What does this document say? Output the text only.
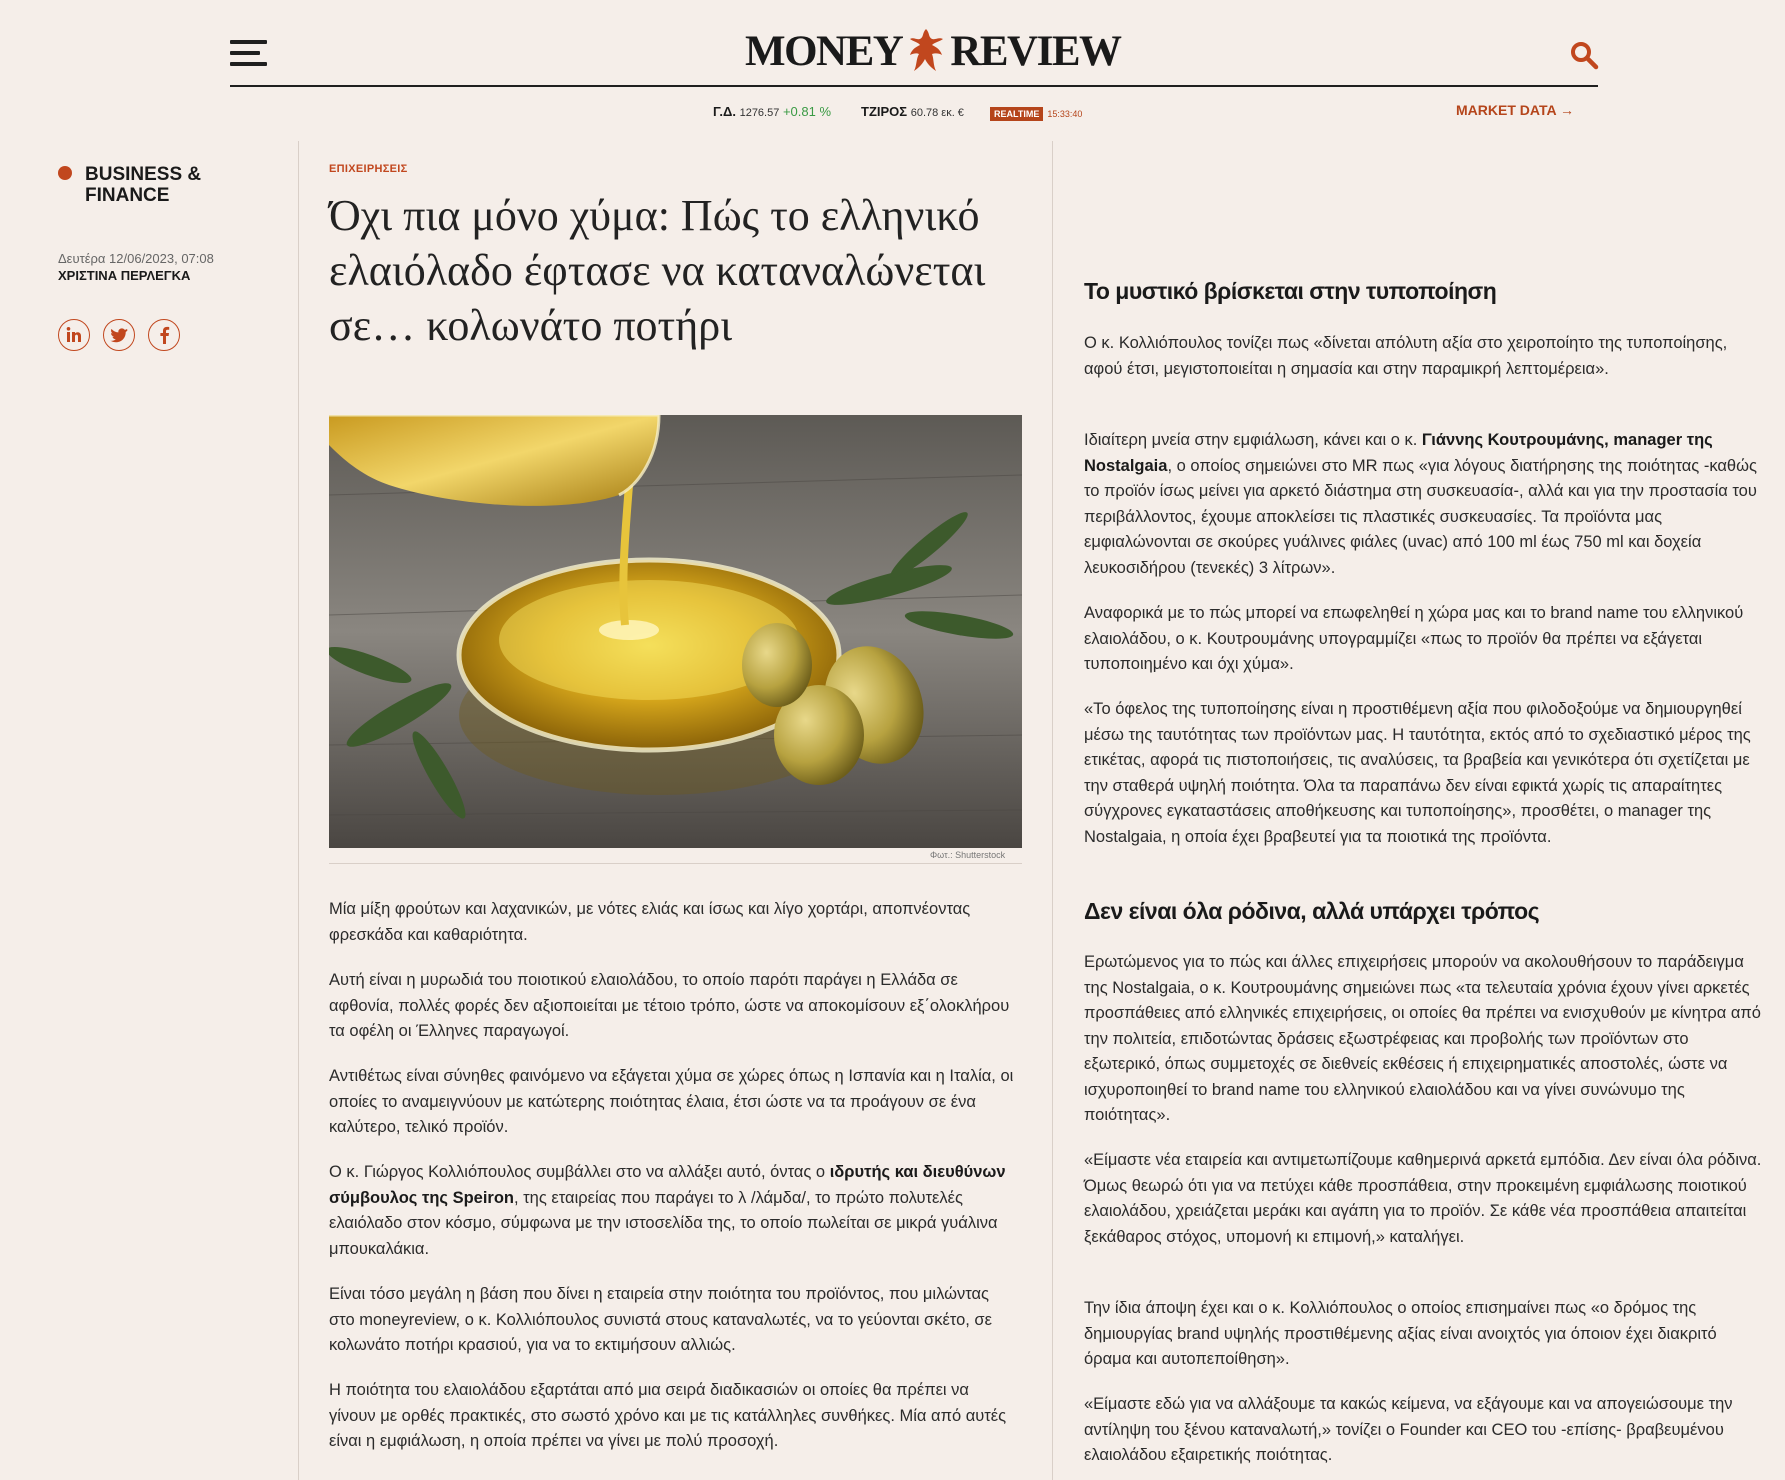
MONEY REVIEW
Γ.Δ. 1276.57 +0.81 % ΤΖΙΡΟΣ 60.78 εκ. €	REALTIME 15:33:40	MARKET DATA →
BUSINESS & FINANCE
Δευτέρα 12/06/2023, 07:08
ΧΡΙΣΤΙΝΑ ΠΕΡΛΕΓΚΑ
ΕΠΙΧΕΙΡΗΣΕΙΣ
Όχι πια μόνο χύμα: Πώς το ελληνικό ελαιόλαδο έφτασε να καταναλώνεται σε… κολωνάτο ποτήρι
Φωτ.: Shutterstock

Μία μίξη φρούτων και λαχανικών, με νότες ελιάς και ίσως και λίγο χορτάρι, αποπνέοντας φρεσκάδα και καθαριότητα.

Αυτή είναι η μυρωδιά του ποιοτικού ελαιολάδου, το οποίο παρότι παράγει η Ελλάδα σε αφθονία, πολλές φορές δεν αξιοποιείται με τέτοιο τρόπο, ώστε να αποκομίσουν εξ΄ολοκλήρου τα οφέλη οι Έλληνες παραγωγοί.

Αντιθέτως είναι σύνηθες φαινόμενο να εξάγεται χύμα σε χώρες όπως η Ισπανία και η Ιταλία, οι οποίες το αναμειγνύουν με κατώτερης ποιότητας έλαια, έτσι ώστε να τα προάγουν σε ένα καλύτερο, τελικό προϊόν.

Ο κ. Γιώργος Κολλιόπουλος συμβάλλει στο να αλλάξει αυτό, όντας ο ιδρυτής και διευθύνων σύμβουλος της Speiron, της εταιρείας που παράγει το λ /λάμδα/, το πρώτο πολυτελές ελαιόλαδο στον κόσμο, σύμφωνα με την ιστοσελίδα της, το οποίο πωλείται σε μικρά γυάλινα μπουκαλάκια.

Είναι τόσο μεγάλη η βάση που δίνει η εταιρεία στην ποιότητα του προϊόντος, που μιλώντας στο moneyreview, ο κ. Κολλιόπουλος συνιστά στους καταναλωτές, να το γεύονται σκέτο, σε κολωνάτο ποτήρι κρασιού, για να το εκτιμήσουν αλλιώς.

Η ποιότητα του ελαιολάδου εξαρτάται από μια σειρά διαδικασιών οι οποίες θα πρέπει να γίνουν με ορθές πρακτικές, στο σωστό χρόνο και με τις κατάλληλες συνθήκες. Μία από αυτές είναι η εμφιάλωση, η οποία πρέπει να γίνει με πολύ προσοχή.

Το μυστικό βρίσκεται στην τυποποίηση

Ο κ. Κολλιόπουλος τονίζει πως «δίνεται απόλυτη αξία στο χειροποίητο της τυποποίησης, αφού έτσι, μεγιστοποιείται η σημασία και στην παραμικρή λεπτομέρεια».

Ιδιαίτερη μνεία στην εμφιάλωση, κάνει και ο κ. Γιάννης Κουτρουμάνης, manager της Nostalgaia, ο οποίος σημειώνει στο MR πως «για λόγους διατήρησης της ποιότητας -καθώς το προϊόν ίσως μείνει για αρκετό διάστημα στη συσκευασία-, αλλά και για την προστασία του περιβάλλοντος, έχουμε αποκλείσει τις πλαστικές συσκευασίες. Τα προϊόντα μας εμφιαλώνονται σε σκούρες γυάλινες φιάλες (uvac) από 100 ml έως 750 ml και δοχεία λευκοσιδήρου (τενεκές) 3 λίτρων».

Αναφορικά με το πώς μπορεί να επωφεληθεί η χώρα μας και το brand name του ελληνικού ελαιολάδου, ο κ. Κουτρουμάνης υπογραμμίζει «πως το προϊόν θα πρέπει να εξάγεται τυποποιημένο και όχι χύμα».

«Το όφελος της τυποποίησης είναι η προστιθέμενη αξία που φιλοδοξούμε να δημιουργηθεί μέσω της ταυτότητας των προϊόντων μας. Η ταυτότητα, εκτός από το σχεδιαστικό μέρος της ετικέτας, αφορά τις πιστοποιήσεις, τις αναλύσεις, τα βραβεία και γενικότερα ότι σχετίζεται με την σταθερά υψηλή ποιότητα. Όλα τα παραπάνω δεν είναι εφικτά χωρίς τις απαραίτητες σύγχρονες εγκαταστάσεις αποθήκευσης και τυποποίησης», προσθέτει, ο manager της Nostalgaia, η οποία έχει βραβευτεί για τα ποιοτικά της προϊόντα.

Δεν είναι όλα ρόδινα, αλλά υπάρχει τρόπος

Ερωτώμενος για το πώς και άλλες επιχειρήσεις μπορούν να ακολουθήσουν το παράδειγμα της Nostalgaia, ο κ. Κουτρουμάνης σημειώνει πως «τα τελευταία χρόνια έχουν γίνει αρκετές προσπάθειες από ελληνικές επιχειρήσεις, οι οποίες θα πρέπει να ενισχυθούν με κίνητρα από την πολιτεία, επιδοτώντας δράσεις εξωστρέφειας και προβολής των προϊόντων στο εξωτερικό, όπως συμμετοχές σε διεθνείς εκθέσεις ή επιχειρηματικές αποστολές, ώστε να ισχυροποιηθεί το brand name του ελληνικού ελαιολάδου και να γίνει συνώνυμο της ποιότητας».

«Είμαστε νέα εταιρεία και αντιμετωπίζουμε καθημερινά αρκετά εμπόδια. Δεν είναι όλα ρόδινα. Όμως θεωρώ ότι για να πετύχει κάθε προσπάθεια, στην προκειμένη εμφιάλωσης ποιοτικού ελαιολάδου, χρειάζεται μεράκι και αγάπη για το προϊόν. Σε κάθε νέα προσπάθεια απαιτείται ξεκάθαρος στόχος, υπομονή κι επιμονή,» καταλήγει.

Την ίδια άποψη έχει και ο κ. Κολλιόπουλος ο οποίος επισημαίνει πως «ο δρόμος της δημιουργίας brand υψηλής προστιθέμενης αξίας είναι ανοιχτός για όποιον έχει διακριτό όραμα και αυτοπεποίθηση».

«Είμαστε εδώ για να αλλάξουμε τα κακώς κείμενα, να εξάγουμε και να απογειώσουμε την αντίληψη του ξένου καταναλωτή,» τονίζει ο Founder και CEO του -επίσης- βραβευμένου ελαιολάδου εξαιρετικής ποιότητας.
